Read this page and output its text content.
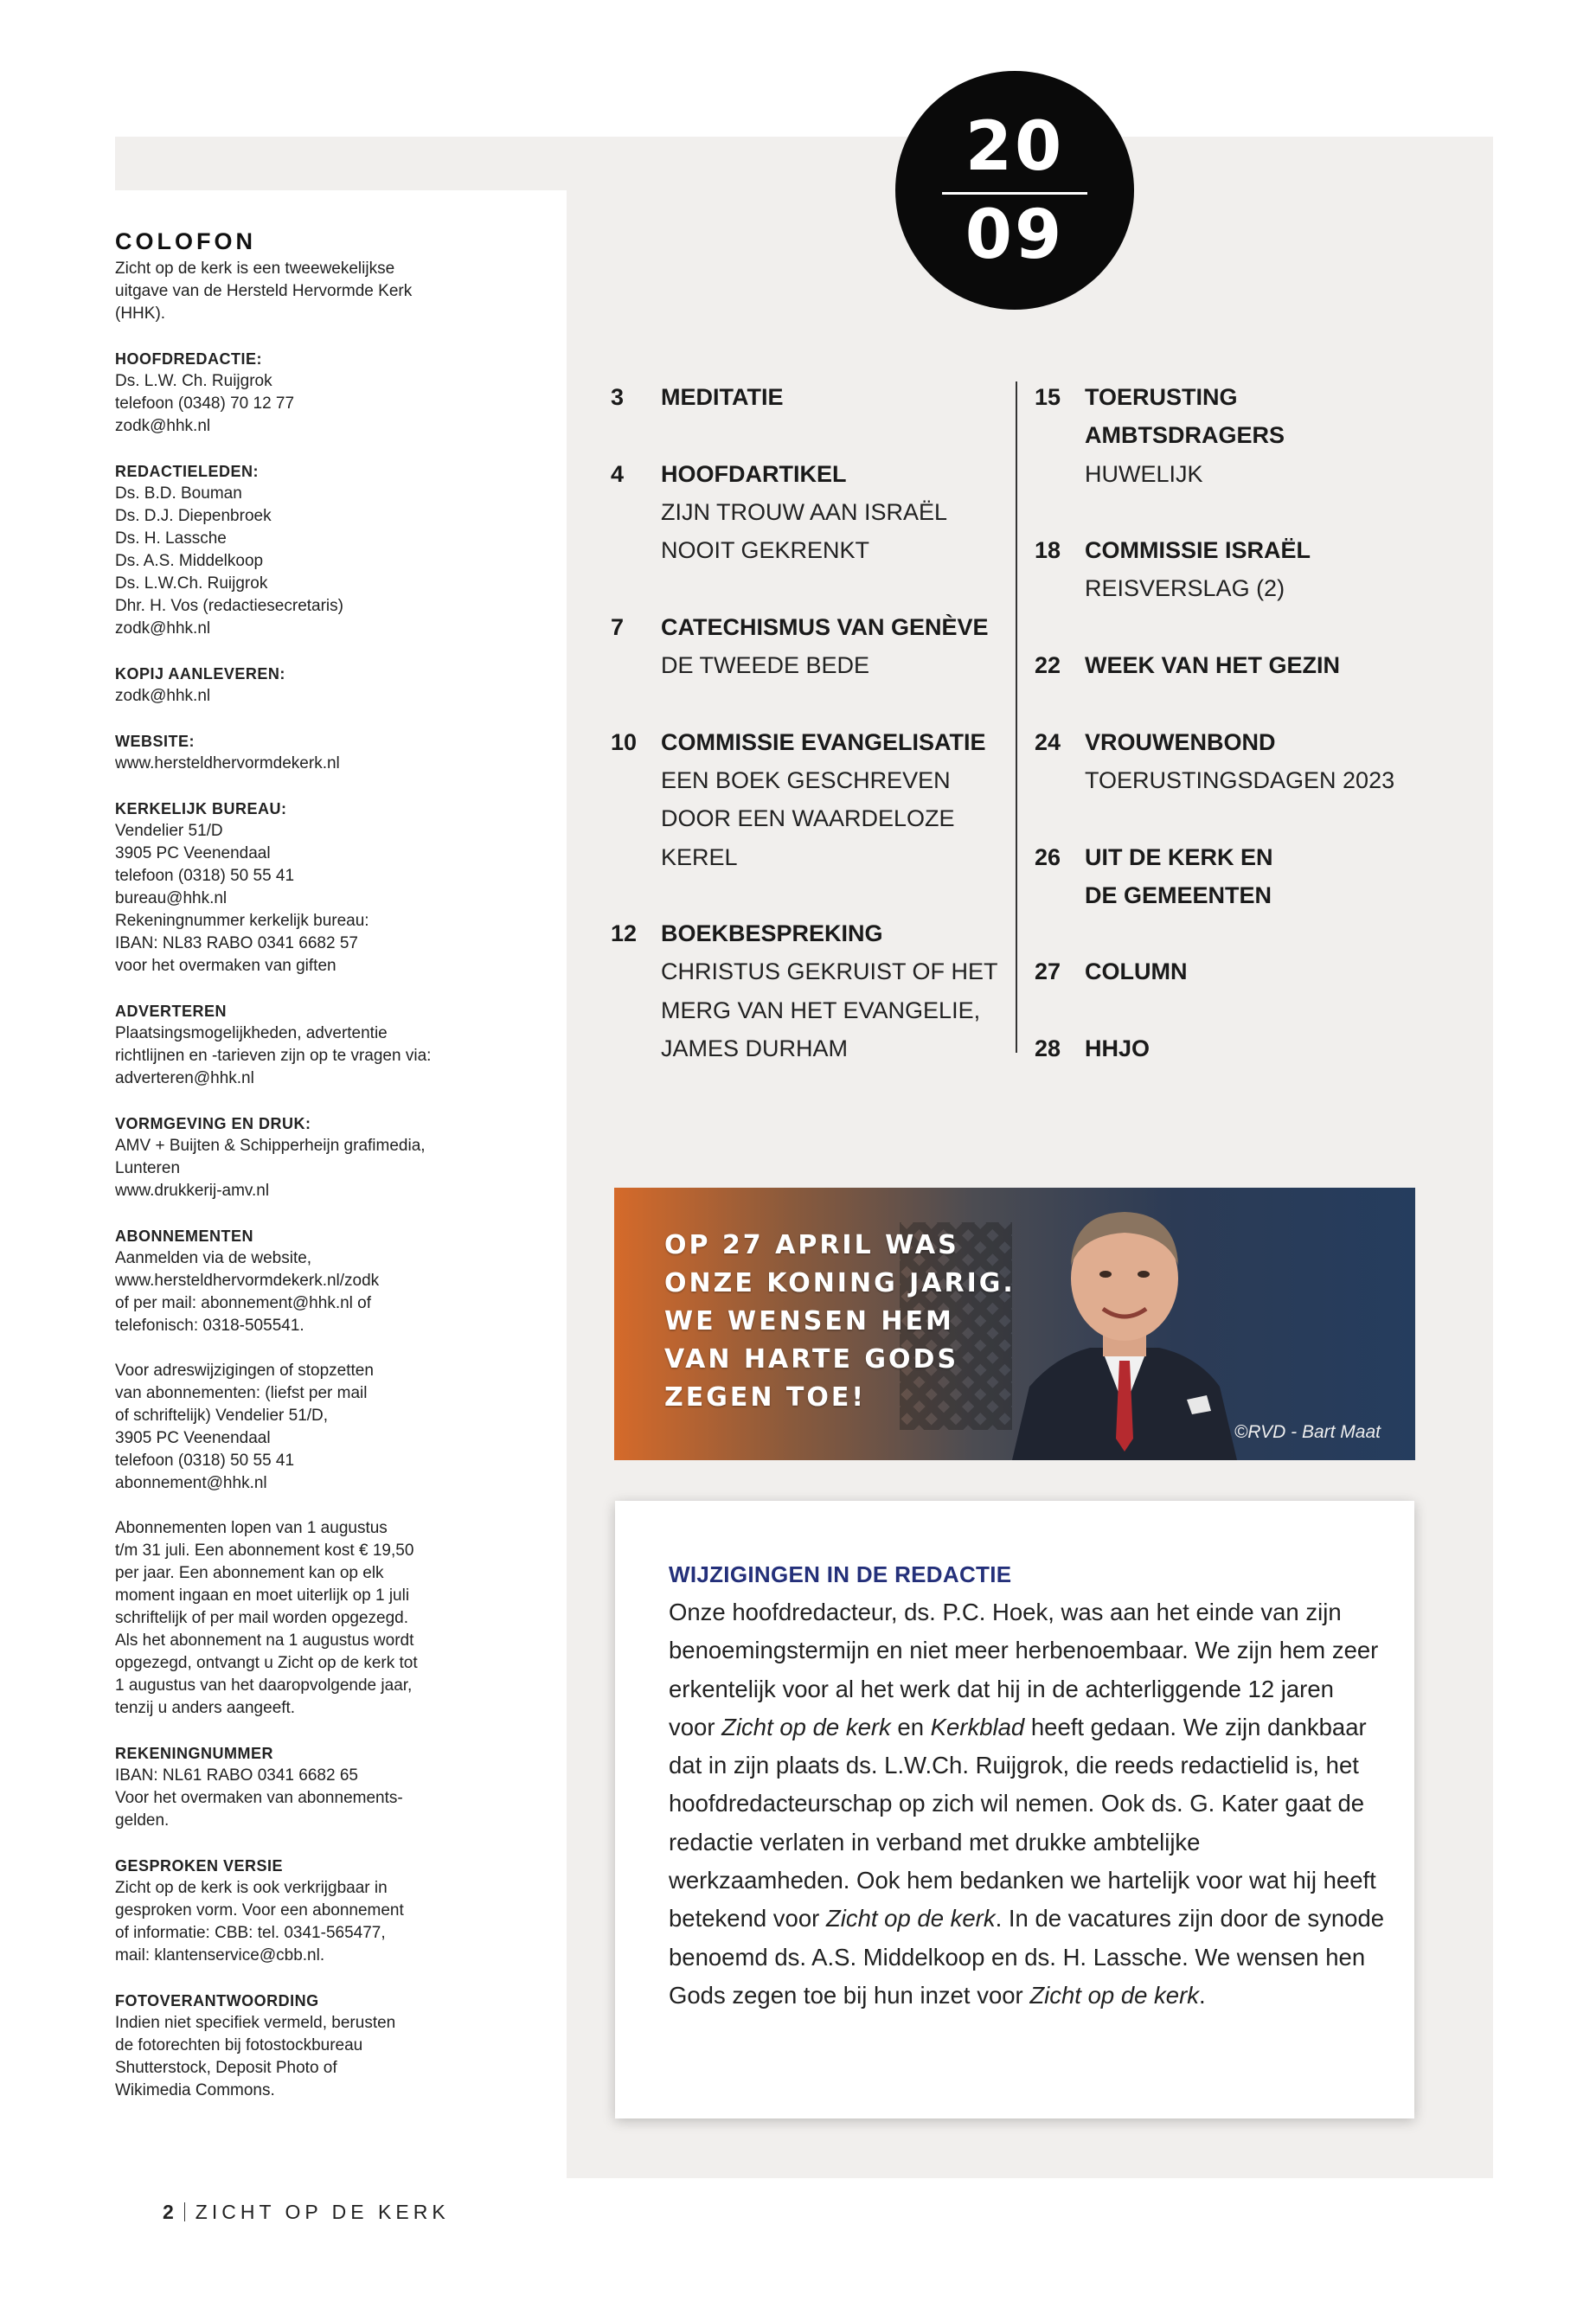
20
09
COLOFON
Zicht op de kerk is een tweewekelijkse
uitgave van de Hersteld Hervormde Kerk
(HHK).
HOOFDREDACTIE:
Ds. L.W. Ch. Ruijgrok
telefoon (0348) 70 12 77
zodk@hhk.nl
REDACTIELEDEN:
Ds. B.D. Bouman
Ds. D.J. Diepenbroek
Ds. H. Lassche
Ds. A.S. Middelkoop
Ds. L.W.Ch. Ruijgrok
Dhr. H. Vos (redactiesecretaris)
zodk@hhk.nl
KOPIJ AANLEVEREN:
zodk@hhk.nl
WEBSITE:
www.hersteldhervormdekerk.nl
KERKELIJK BUREAU:
Vendelier 51/D
3905 PC Veenendaal
telefoon (0318) 50 55 41
bureau@hhk.nl
Rekeningnummer kerkelijk bureau:
IBAN: NL83 RABO 0341 6682 57
voor het overmaken van giften
ADVERTEREN
Plaatsingsmogelijkheden, advertentie
richtlijnen en -tarieven zijn op te vragen via:
adverteren@hhk.nl
VORMGEVING EN DRUK:
AMV + Buijten & Schipperheijn grafimedia,
Lunteren
www.drukkerij-amv.nl
ABONNEMENTEN
Aanmelden via de website,
www.hersteldhervormdekerk.nl/zodk
of per mail: abonnement@hhk.nl of
telefonisch: 0318-505541.
Voor adreswijzigingen of stopzetten
van abonnementen: (liefst per mail
of schriftelijk) Vendelier 51/D,
3905 PC Veenendaal
telefoon (0318) 50 55 41
abonnement@hhk.nl
Abonnementen lopen van 1 augustus
t/m 31 juli. Een abonnement kost € 19,50
per jaar. Een abonnement kan op elk
moment ingaan en moet uiterlijk op 1 juli
schriftelijk of per mail worden opgezegd.
Als het abonnement na 1 augustus wordt
opgezegd, ontvangt u Zicht op de kerk tot
1 augustus van het daaropvolgende jaar,
tenzij u anders aangeeft.
REKENINGNUMMER
IBAN: NL61 RABO 0341 6682 65
Voor het overmaken van abonnements-
gelden.
GESPROKEN VERSIE
Zicht op de kerk is ook verkrijgbaar in
gesproken vorm. Voor een abonnement
of informatie: CBB: tel. 0341-565477,
mail: klantenservice@cbb.nl.
FOTOVERANTWOORDING
Indien niet specifiek vermeld, berusten
de fotorechten bij fotostockbureau
Shutterstock, Deposit Photo of
Wikimedia Commons.
3	MEDITATIE
4	HOOFDARTIKEL
ZIJN TROUW AAN ISRAËL
NOOIT GEKRENKT
7	CATECHISMUS VAN GENÈVE
DE TWEEDE BEDE
10	COMMISSIE EVANGELISATIE
EEN BOEK GESCHREVEN
DOOR EEN WAARDELOZE
KEREL
12	BOEKBESPREKING
CHRISTUS GEKRUIST OF HET
MERG VAN HET EVANGELIE,
JAMES DURHAM
15	TOERUSTING
AMBTSDRAGERS
HUWELIJK
18	COMMISSIE ISRAËL
REISVERSLAG (2)
22	WEEK VAN HET GEZIN
24	VROUWENBOND
TOERUSTINGSDAGEN 2023
26	UIT DE KERK EN
DE GEMEENTEN
27	COLUMN
28	HHJO
OP 27 APRIL WAS
ONZE KONING JARIG.
WE WENSEN HEM
VAN HARTE GODS
ZEGEN TOE!
©RVD - Bart Maat
WIJZIGINGEN IN DE REDACTIE
Onze hoofdredacteur, ds. P.C. Hoek, was aan het einde van zijn benoemingstermijn en niet meer herbenoembaar. We zijn hem zeer erkentelijk voor al het werk dat hij in de achterliggende 12 jaren voor Zicht op de kerk en Kerkblad heeft gedaan. We zijn dankbaar dat in zijn plaats ds. L.W.Ch. Ruijgrok, die reeds redactielid is, het hoofdredacteurschap op zich wil nemen. Ook ds. G. Kater gaat de redactie verlaten in verband met drukke ambtelijke werkzaamheden. Ook hem bedanken we hartelijk voor wat hij heeft betekend voor Zicht op de kerk. In de vacatures zijn door de synode benoemd ds. A.S. Middelkoop en ds. H. Lassche. We wensen hen Gods zegen toe bij hun inzet voor Zicht op de kerk.
2 ZICHT OP DE KERK
